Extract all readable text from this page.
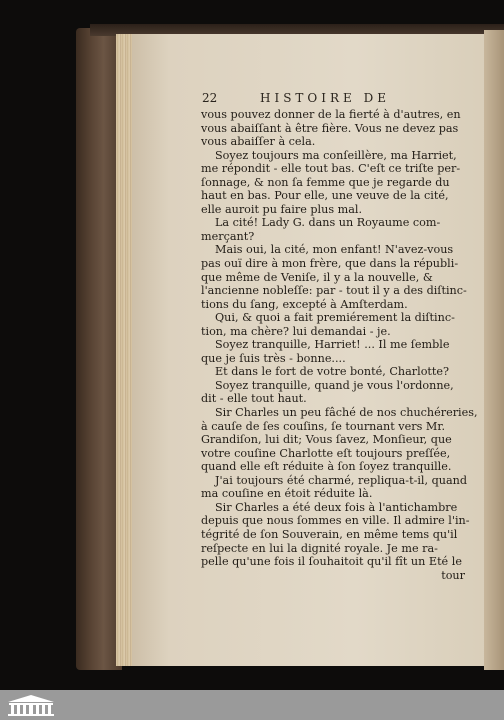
22	HISTOIRE DE
vous pouvez donner de la fierté à d'autres, en
vous abaiſſant à être fière. Vous ne devez pas
vous abaiſſer à cela.
Soyez toujours ma conſeillère, ma Harriet,
me répondit - elle tout bas. C'eſt ce triſte per-
ſonnage, & non ſa femme que je regarde du
haut en bas. Pour elle, une veuve de la cité,
elle auroit pu faire plus mal.
La cité! Lady G. dans un Royaume com-
merçant?
Mais oui, la cité, mon enfant! N'avez-vous
pas ouï dire à mon frère, que dans la républi-
que même de Veniſe, il y a la nouvelle, &
l'ancienne nobleſſe: par - tout il y a des diſtinc-
tions du ſang, excepté à Amſterdam.
Qui, & quoi a fait premiérement la diſtinc-
tion, ma chère? lui demandai - je.
Soyez tranquille, Harriet! ... Il me ſemble
que je ſuis très - bonne....
Et dans le fort de votre bonté, Charlotte?
Soyez tranquille, quand je vous l'ordonne,
dit - elle tout haut.
Sir Charles un peu fâché de nos chuchéreries,
à cauſe de ſes couſins, ſe tournant vers Mr.
Grandiſon, lui dit; Vous ſavez, Monſieur, que
votre couſine Charlotte eſt toujours preſſée,
quand elle eſt réduite à ſon ſoyez tranquille.
J'ai toujours été charmé, repliqua-t-il, quand
ma couſine en étoit réduite là.
Sir Charles a été deux fois à l'antichambre
depuis que nous ſommes en ville. Il admire l'in-
tégrité de ſon Souverain, en même tems qu'il
reſpecte en lui la dignité royale. Je me ra-
pelle qu'une fois il ſouhaitoit qu'il fît un Eté le
tour
